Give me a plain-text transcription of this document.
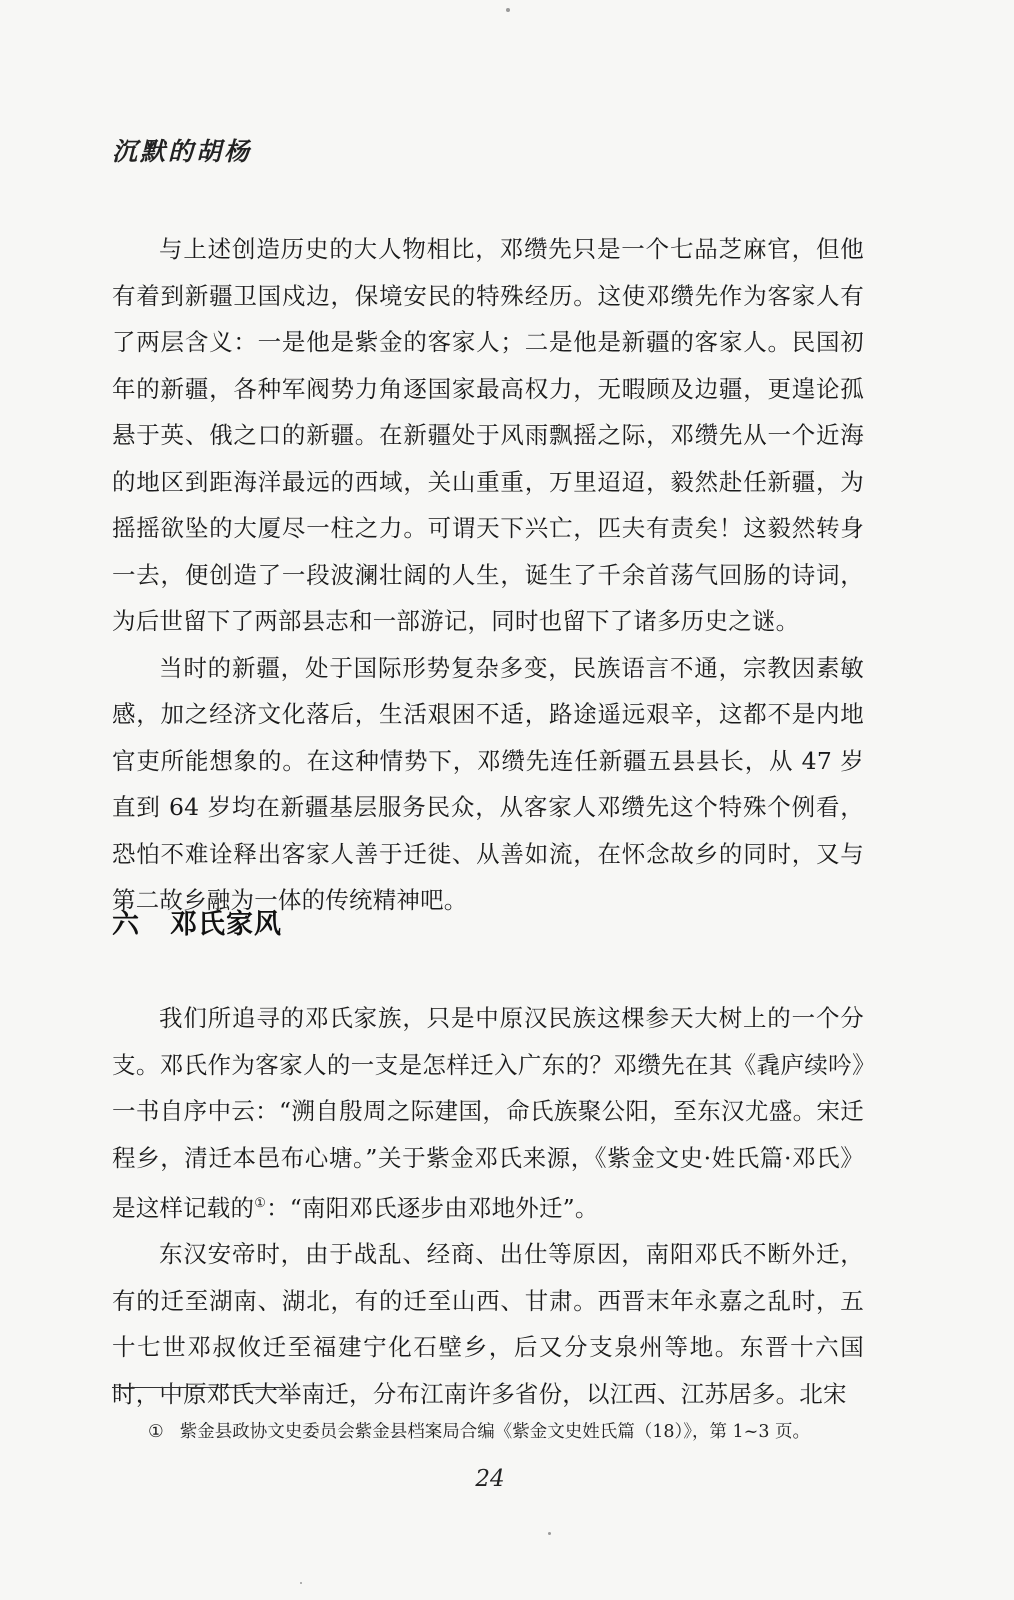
沉默的胡杨

与上述创造历史的大人物相比，邓缵先只是一个七品芝麻官，但他有着到新疆卫国戍边，保境安民的特殊经历。这使邓缵先作为客家人有了两层含义：一是他是紫金的客家人；二是他是新疆的客家人。民国初年的新疆，各种军阀势力角逐国家最高权力，无暇顾及边疆，更遑论孤悬于英、俄之口的新疆。在新疆处于风雨飘摇之际，邓缵先从一个近海的地区到距海洋最远的西域，关山重重，万里迢迢，毅然赴任新疆，为摇摇欲坠的大厦尽一柱之力。可谓天下兴亡，匹夫有责矣！这毅然转身一去，便创造了一段波澜壮阔的人生，诞生了千余首荡气回肠的诗词，为后世留下了两部县志和一部游记，同时也留下了诸多历史之谜。

当时的新疆，处于国际形势复杂多变，民族语言不通，宗教因素敏感，加之经济文化落后，生活艰困不适，路途遥远艰辛，这都不是内地官吏所能想象的。在这种情势下，邓缵先连任新疆五县县长，从 47 岁直到 64 岁均在新疆基层服务民众，从客家人邓缵先这个特殊个例看，恐怕不难诠释出客家人善于迁徙、从善如流，在怀念故乡的同时，又与第二故乡融为一体的传统精神吧。

六 邓氏家风

我们所追寻的邓氏家族，只是中原汉民族这棵参天大树上的一个分支。邓氏作为客家人的一支是怎样迁入广东的？邓缵先在其《毳庐续吟》一书自序中云：“溯自殷周之际建国，命氏族聚公阳，至东汉尤盛。宋迁程乡，清迁本邑布心塘。”关于紫金邓氏来源，《紫金文史·姓氏篇·邓氏》是这样记载的①：“南阳邓氏逐步由邓地外迁”。

东汉安帝时，由于战乱、经商、出仕等原因，南阳邓氏不断外迁，有的迁至湖南、湖北，有的迁至山西、甘肃。西晋末年永嘉之乱时，五十七世邓叔攸迁至福建宁化石壁乡，后又分支泉州等地。东晋十六国时，中原邓氏大举南迁，分布江南许多省份，以江西、江苏居多。北宋

① 紫金县政协文史委员会紫金县档案局合编《紫金文史姓氏篇（18）》，第 1~3 页。
24
